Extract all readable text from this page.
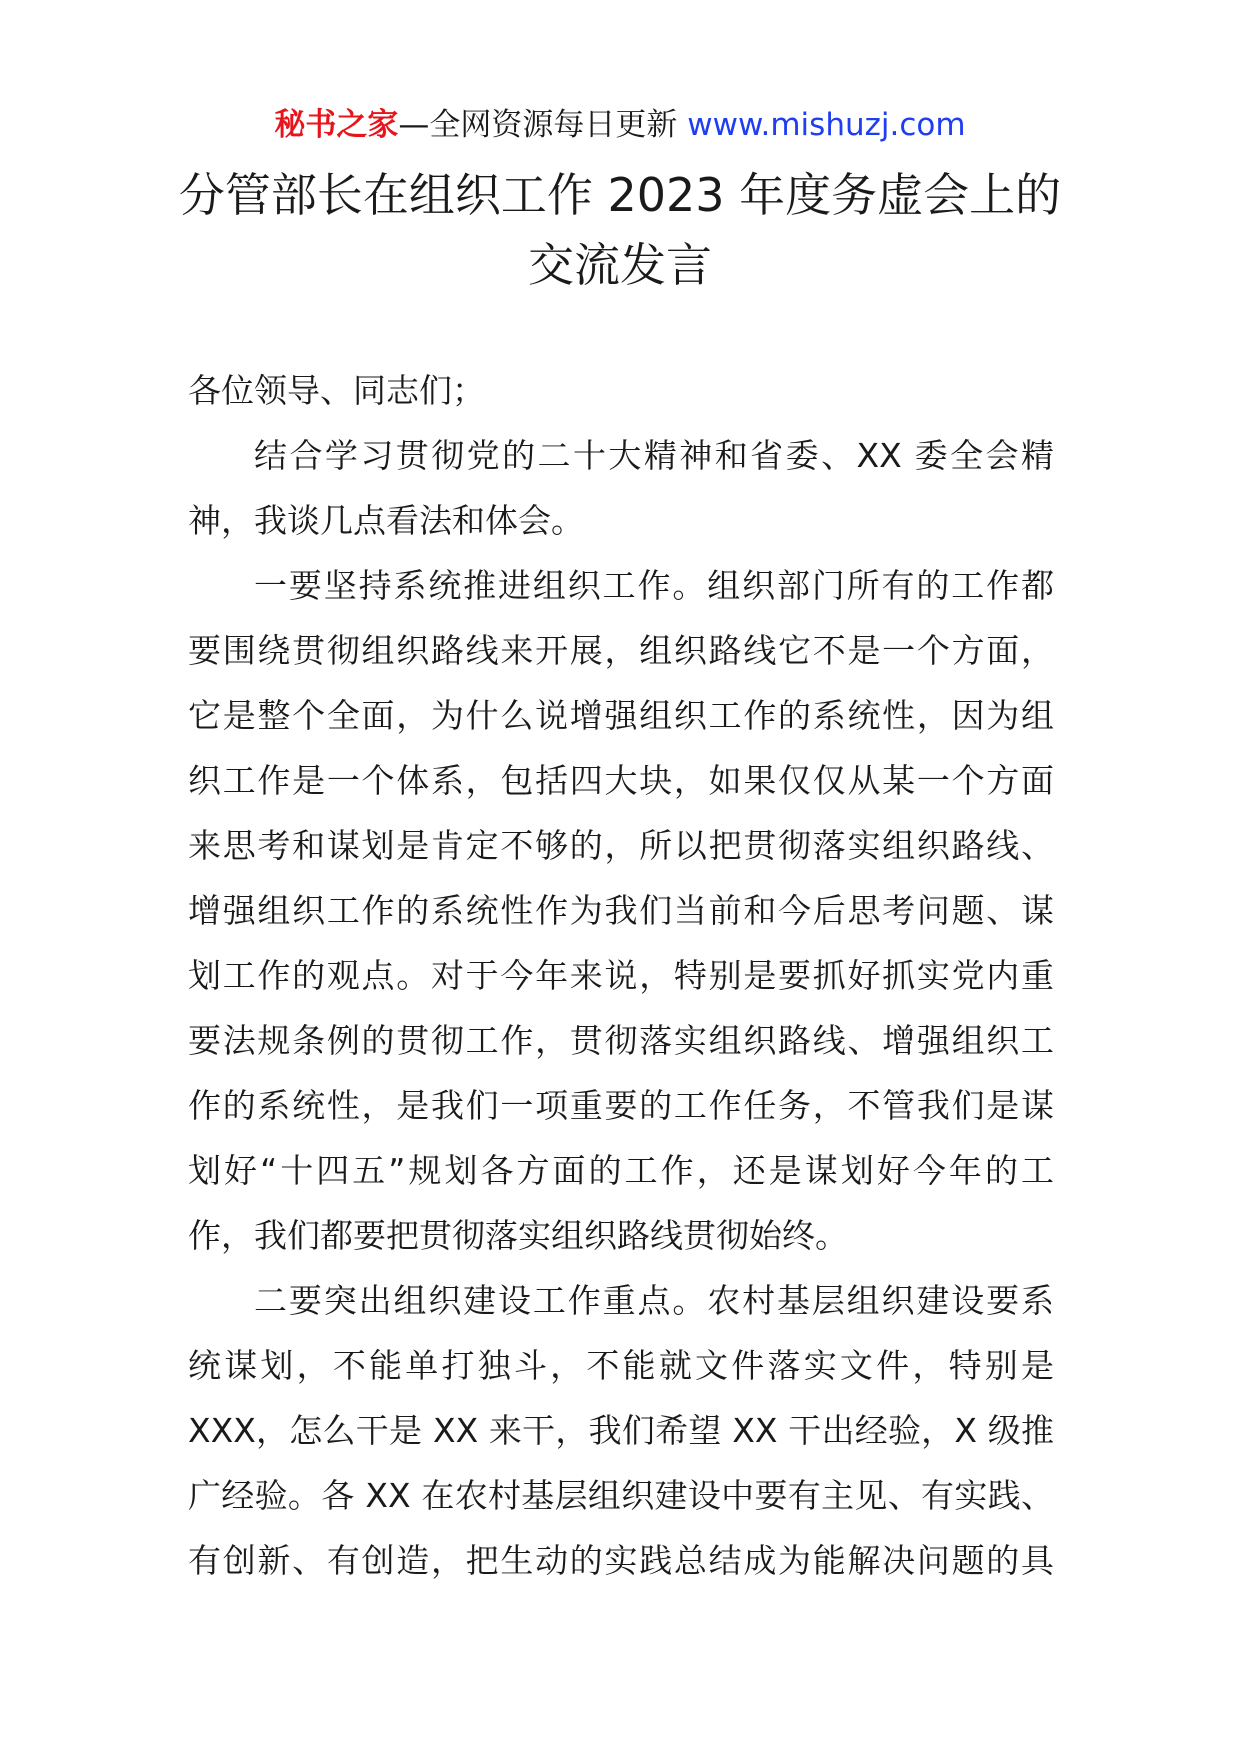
秘书之家—全网资源每日更新 www.mishuzj.com
分管部长在组织工作 2023 年度务虚会上的
交流发言
各位领导、同志们；
结合学习贯彻党的二十大精神和省委、XX 委全会精
神，我谈几点看法和体会。
一要坚持系统推进组织工作。组织部门所有的工作都
要围绕贯彻组织路线来开展，组织路线它不是一个方面，
它是整个全面，为什么说增强组织工作的系统性，因为组
织工作是一个体系，包括四大块，如果仅仅从某一个方面
来思考和谋划是肯定不够的，所以把贯彻落实组织路线、
增强组织工作的系统性作为我们当前和今后思考问题、谋
划工作的观点。对于今年来说，特别是要抓好抓实党内重
要法规条例的贯彻工作，贯彻落实组织路线、增强组织工
作的系统性，是我们一项重要的工作任务，不管我们是谋
划好“十四五”规划各方面的工作，还是谋划好今年的工
作，我们都要把贯彻落实组织路线贯彻始终。
二要突出组织建设工作重点。农村基层组织建设要系
统谋划，不能单打独斗，不能就文件落实文件，特别是
XXX，怎么干是 XX 来干，我们希望 XX 干出经验，X 级推
广经验。各 XX 在农村基层组织建设中要有主见、有实践、
有创新、有创造，把生动的实践总结成为能解决问题的具
